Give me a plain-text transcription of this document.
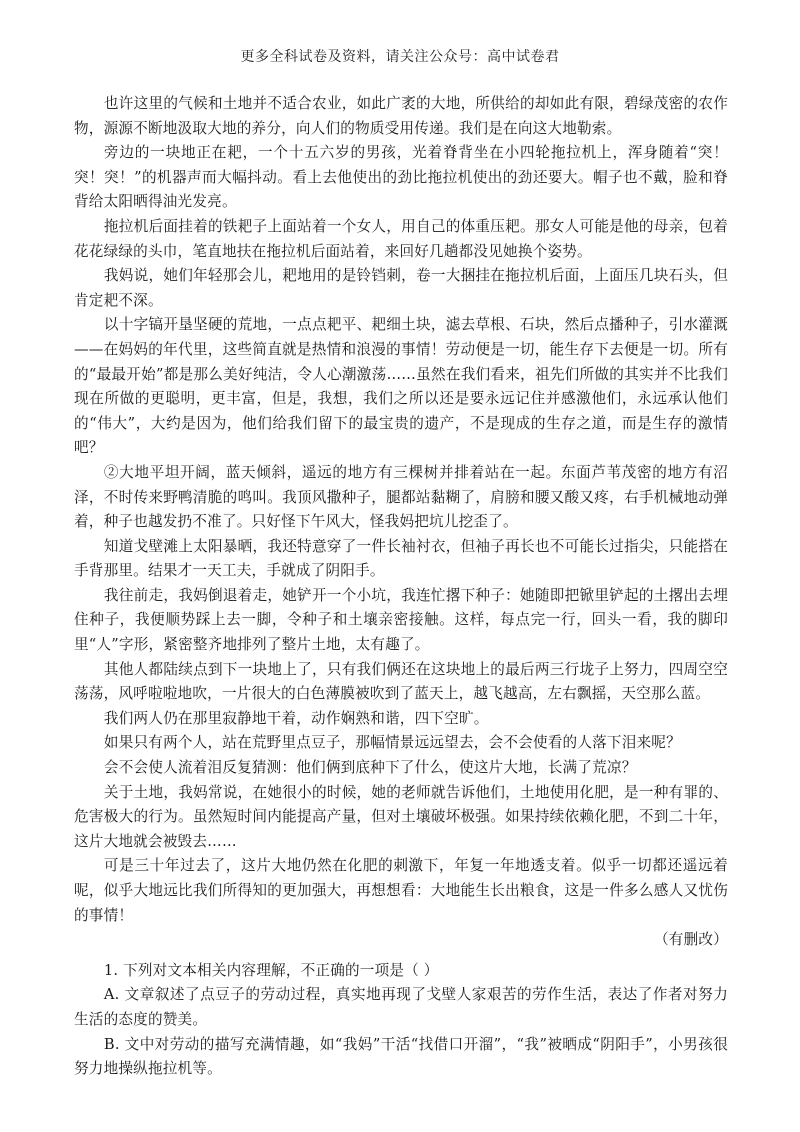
更多全科试卷及资料，请关注公众号：高中试卷君

也许这里的气候和土地并不适合农业，如此广袤的大地，所供给的却如此有限，碧绿茂密的农作物，源源不断地汲取大地的养分，向人们的物质受用传递。我们是在向这大地勒索。

旁边的一块地正在耙，一个十五六岁的男孩，光着脊背坐在小四轮拖拉机上，浑身随着“突！突！突！”的机器声而大幅抖动。看上去他使出的劲比拖拉机使出的劲还要大。帽子也不戴，脸和脊背给太阳晒得油光发亮。

拖拉机后面挂着的铁耙子上面站着一个女人，用自己的体重压耙。那女人可能是他的母亲，包着花花绿绿的头巾，笔直地扶在拖拉机后面站着，来回好几趟都没见她换个姿势。

我妈说，她们年轻那会儿，耙地用的是铃铛刺，卷一大捆挂在拖拉机后面，上面压几块石头，但肯定耙不深。

以十字镐开垦坚硬的荒地，一点点耙平、耙细土块，滤去草根、石块，然后点播种子，引水灌溉——在妈妈的年代里，这些简直就是热情和浪漫的事情！劳动便是一切，能生存下去便是一切。所有的“最最开始”都是那么美好纯洁，令人心潮激荡……虽然在我们看来，祖先们所做的其实并不比我们现在所做的更聪明，更丰富，但是，我想，我们之所以还是要永远记住并感激他们，永远承认他们的“伟大”，大约是因为，他们给我们留下的最宝贵的遗产，不是现成的生存之道，而是生存的激情吧？

②大地平坦开阔，蓝天倾斜，遥远的地方有三棵树并排着站在一起。东面芦苇茂密的地方有沼泽，不时传来野鸭清脆的鸣叫。我顶风撒种子，腿都站黏糊了，肩膀和腰又酸又疼，右手机械地动弹着，种子也越发扔不准了。只好怪下午风大，怪我妈把坑儿挖歪了。

知道戈壁滩上太阳暴晒，我还特意穿了一件长袖衬衣，但袖子再长也不可能长过指尖，只能搭在手背那里。结果才一天工夫，手就成了阴阳手。

我往前走，我妈倒退着走，她铲开一个小坑，我连忙撂下种子：她随即把锨里铲起的土撂出去埋住种子，我便顺势踩上去一脚，令种子和土壤亲密接触。这样，每点完一行，回头一看，我的脚印里“人”字形，紧密整齐地排列了整片土地，太有趣了。

其他人都陆续点到下一块地上了，只有我们俩还在这块地上的最后两三行垅子上努力，四周空空荡荡，风呼啦啦地吹，一片很大的白色薄膜被吹到了蓝天上，越飞越高，左右飘摇，天空那么蓝。

我们两人仍在那里寂静地干着，动作娴熟和谐，四下空旷。

如果只有两个人，站在荒野里点豆子，那幅情景远远望去，会不会使看的人落下泪来呢？

会不会使人流着泪反复猜测：他们俩到底种下了什么，使这片大地，长满了荒凉？

关于土地，我妈常说，在她很小的时候，她的老师就告诉他们，土地使用化肥，是一种有罪的、危害极大的行为。虽然短时间内能提高产量，但对土壤破坏极强。如果持续依赖化肥，不到二十年，这片大地就会被毁去……

可是三十年过去了，这片大地仍然在化肥的刺激下，年复一年地透支着。似乎一切都还遥远着呢，似乎大地远比我们所得知的更加强大，再想想看：大地能生长出粮食，这是一件多么感人又忧伤的事情！

（有删改）

1. 下列对文本相关内容理解，不正确的一项是（ ）

A. 文章叙述了点豆子的劳动过程，真实地再现了戈壁人家艰苦的劳作生活，表达了作者对努力生活的态度的赞美。

B. 文中对劳动的描写充满情趣，如“我妈”干活“找借口开溜”，“我”被晒成“阴阳手”，小男孩很努力地操纵拖拉机等。
